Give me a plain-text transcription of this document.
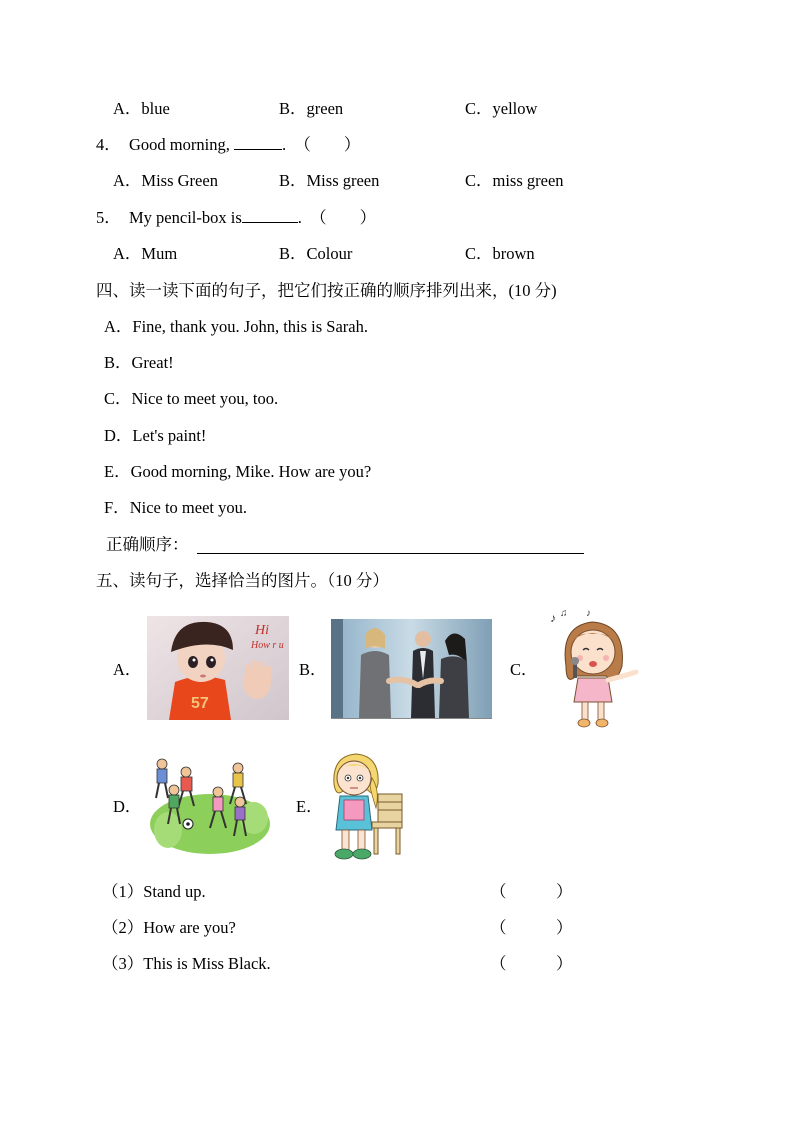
A．blue	B．green	C．yellow
4． Good morning,	. （　　）
A．Miss Green	B．Miss green	C．miss green
5． My pencil-box is	. （　　）
A．Mum	B．Colour	C．brown
四、读一读下面的句子，把它们按正确的顺序排列出来，(10 分)
A．Fine, thank you. John, this is Sarah.
B．Great!
C．Nice to meet you, too.
D．Let's paint!
E．Good morning, Mike. How are you?
F．Nice to meet you.
正确顺序：
五、读句子，选择恰当的图片。（10 分）
A．
57
Hi
How r u
B．	C．
♪ ♫ ♪
D．	E．
（1）Stand up.	（　　　）
（2）How are you?	（　　　）
（3）This is Miss Black.	（　　　）
